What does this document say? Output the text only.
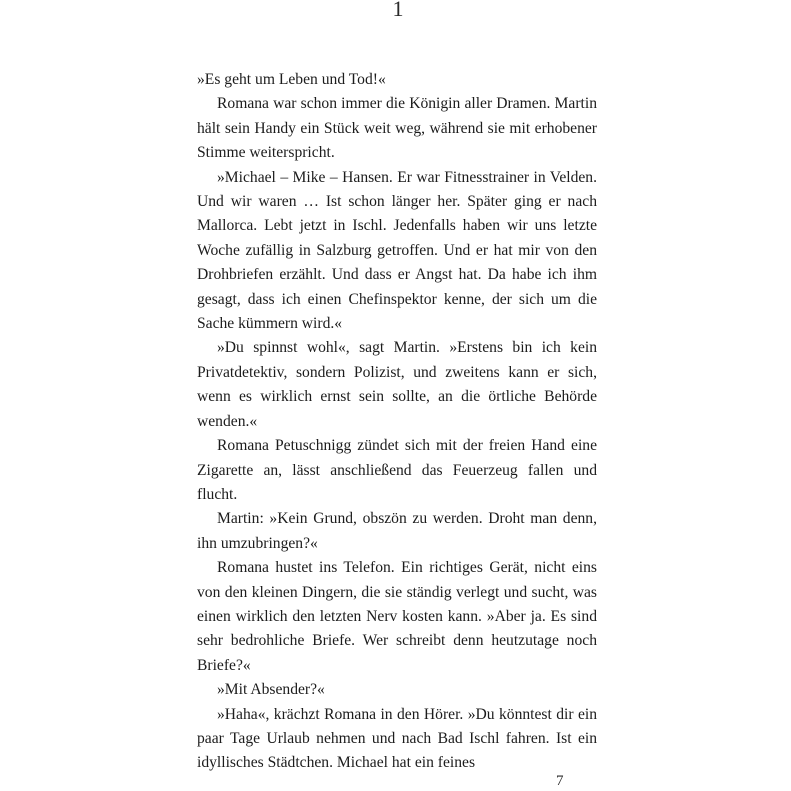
1

»Es geht um Leben und Tod!«

Romana war schon immer die Königin aller Dramen. Martin hält sein Handy ein Stück weit weg, während sie mit erhobener Stimme weiterspricht.

»Michael – Mike – Hansen. Er war Fitnesstrainer in Velden. Und wir waren … Ist schon länger her. Später ging er nach Mallorca. Lebt jetzt in Ischl. Jedenfalls haben wir uns letzte Woche zufällig in Salzburg getroffen. Und er hat mir von den Drohbriefen erzählt. Und dass er Angst hat. Da habe ich ihm gesagt, dass ich einen Chefinspektor kenne, der sich um die Sache kümmern wird.«

»Du spinnst wohl«, sagt Martin. »Erstens bin ich kein Privatdetektiv, sondern Polizist, und zweitens kann er sich, wenn es wirklich ernst sein sollte, an die örtliche Behörde wenden.«

Romana Petuschnigg zündet sich mit der freien Hand eine Zigarette an, lässt anschließend das Feuerzeug fallen und flucht.

Martin: »Kein Grund, obszön zu werden. Droht man denn, ihn umzubringen?«

Romana hustet ins Telefon. Ein richtiges Gerät, nicht eins von den kleinen Dingern, die sie ständig verlegt und sucht, was einen wirklich den letzten Nerv kosten kann. »Aber ja. Es sind sehr bedrohliche Briefe. Wer schreibt denn heutzutage noch Briefe?«

»Mit Absender?«

»Haha«, krächzt Romana in den Hörer. »Du könntest dir ein paar Tage Urlaub nehmen und nach Bad Ischl fahren. Ist ein idyllisches Städtchen. Michael hat ein feines

7
